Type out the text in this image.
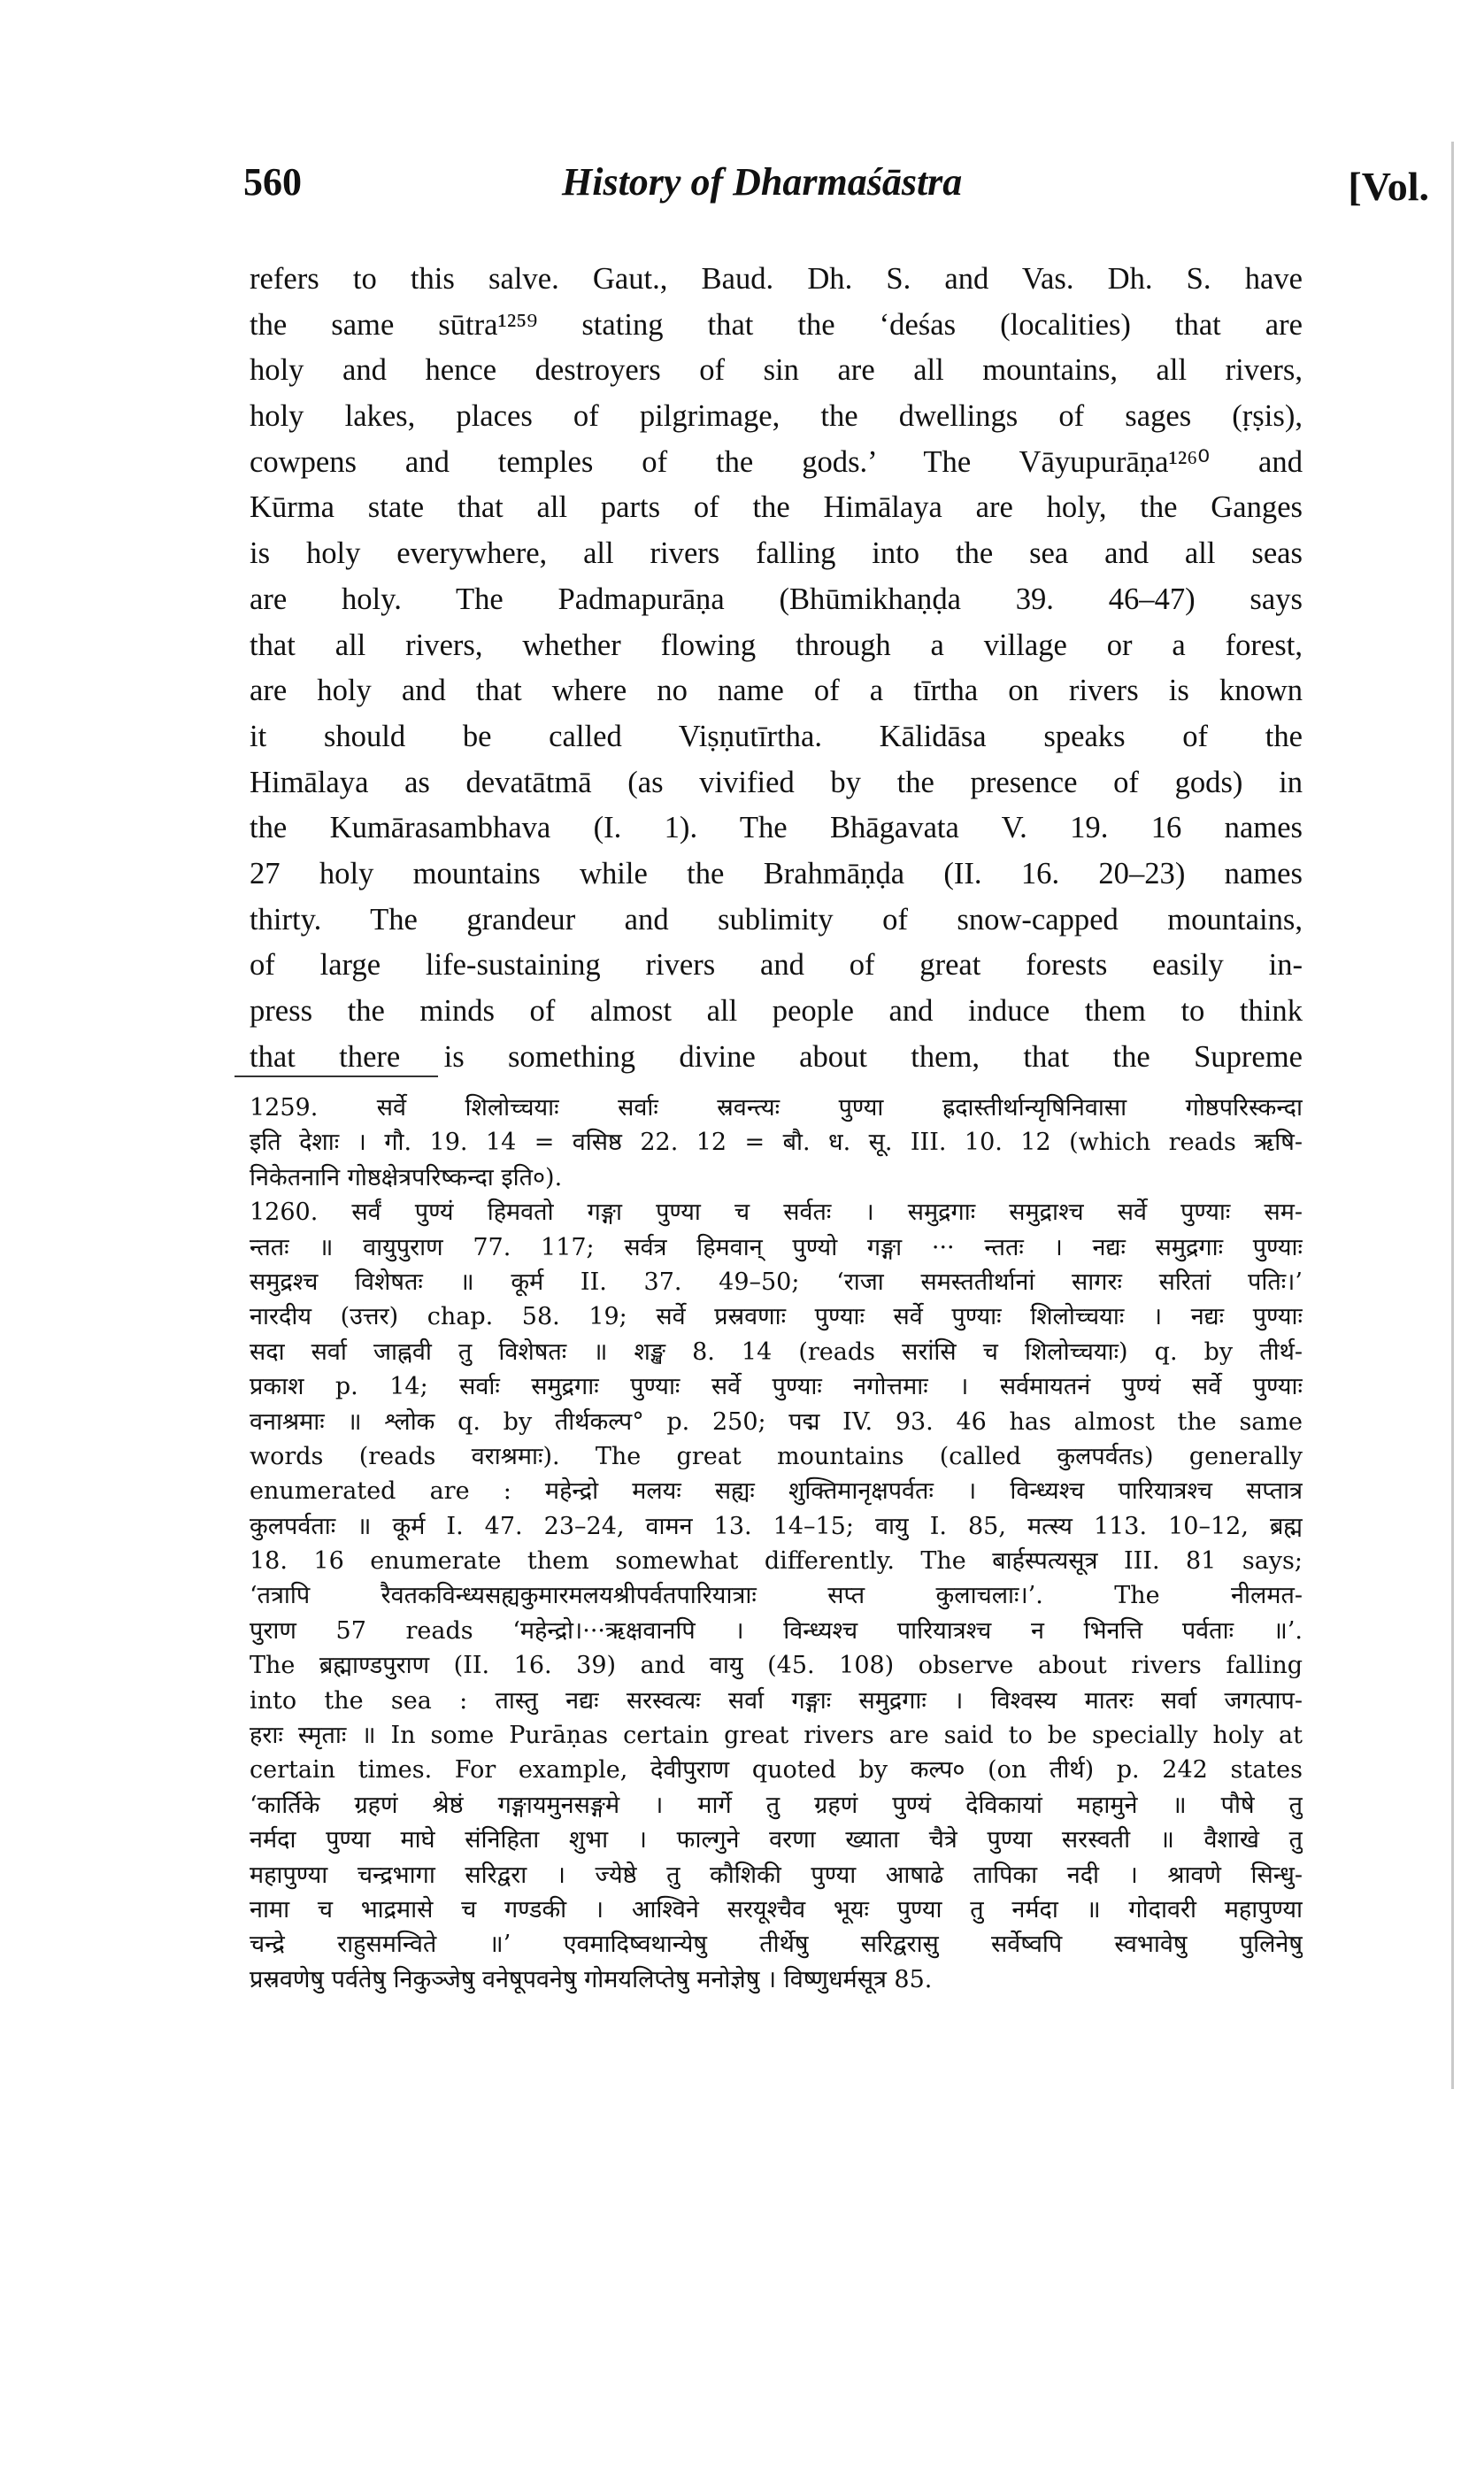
560	History of Dharmaśāstra	[Vol.
refers to this salve. Gaut., Baud. Dh. S. and Vas. Dh. S. have
the same sūtra¹²⁵⁹ stating that the ‘deśas (localities) that are
holy and hence destroyers of sin are all mountains, all rivers,
holy lakes, places of pilgrimage, the dwellings of sages (ṛṣis),
cowpens and temples of the gods.’ The Vāyupurāṇa¹²⁶⁰ and
Kūrma state that all parts of the Himālaya are holy, the Ganges
is holy everywhere, all rivers falling into the sea and all seas
are holy. The Padmapurāṇa (Bhūmikhaṇḍa 39. 46–47) says
that all rivers, whether flowing through a village or a forest,
are holy and that where no name of a tīrtha on rivers is known
it should be called Viṣṇutīrtha. Kālidāsa speaks of the
Himālaya as devatātmā (as vivified by the presence of gods) in
the Kumārasambhava (I. 1). The Bhāgavata V. 19. 16 names
27 holy mountains while the Brahmāṇḍa (II. 16. 20–23) names
thirty. The grandeur and sublimity of snow-capped mountains,
of large life-sustaining rivers and of great forests easily in-
press the minds of almost all people and induce them to think
that there is something divine about them, that the Supreme
1259. सर्वे शिलोच्चयाः सर्वाः स्रवन्त्यः पुण्या ह्रदास्तीर्थान्यृषिनिवासा गोष्ठपरिस्कन्दा
इति देशाः । गौ. 19. 14 = वसिष्ठ 22. 12 = बौ. ध. सू. III. 10. 12 (which reads ऋषि-
निकेतनानि गोष्ठक्षेत्रपरिष्कन्दा इति०).
1260. सर्वं पुण्यं हिमवतो गङ्गा पुण्या च सर्वतः । समुद्रगाः समुद्राश्च सर्वे पुण्याः सम-
न्ततः ॥ वायुपुराण 77. 117; सर्वत्र हिमवान् पुण्यो गङ्गा ··· न्ततः । नद्यः समुद्रगाः पुण्याः
समुद्रश्च विशेषतः ॥ कूर्म II. 37. 49–50; ‘राजा समस्ततीर्थानां सागरः सरितां पतिः।’
नारदीय (उत्तर) chap. 58. 19; सर्वे प्रस्रवणाः पुण्याः सर्वे पुण्याः शिलोच्चयाः । नद्यः पुण्याः
सदा सर्वा जाह्नवी तु विशेषतः ॥ शङ्ख 8. 14 (reads सरांसि च शिलोच्चयाः) q. by तीर्थ-
प्रकाश p. 14; सर्वाः समुद्रगाः पुण्याः सर्वे पुण्याः नगोत्तमाः । सर्वमायतनं पुण्यं सर्वे पुण्याः
वनाश्रमाः ॥ श्लोक q. by तीर्थकल्प° p. 250; पद्म IV. 93. 46 has almost the same
words (reads वराश्रमाः). The great mountains (called कुलपर्वतs) generally
enumerated are : महेन्द्रो मलयः सह्यः शुक्तिमानृक्षपर्वतः । विन्ध्यश्च पारियात्रश्च सप्तात्र
कुलपर्वताः ॥ कूर्म I. 47. 23–24, वामन 13. 14–15; वायु I. 85, मत्स्य 113. 10–12, ब्रह्म
18. 16 enumerate them somewhat differently. The बार्हस्पत्यसूत्र III. 81 says;
‘तत्रापि रैवतकविन्ध्यसह्यकुमारमलयश्रीपर्वतपारियात्राः सप्त कुलाचलाः।’. The नीलमत-
पुराण 57 reads ‘महेन्द्रो।···ऋक्षवानपि । विन्ध्यश्च पारियात्रश्च न भिनत्ति पर्वताः ॥’.
The ब्रह्माण्डपुराण (II. 16. 39) and वायु (45. 108) observe about rivers falling
into the sea : तास्तु नद्यः सरस्वत्यः सर्वा गङ्गाः समुद्रगाः । विश्वस्य मातरः सर्वा जगत्पाप-
हराः स्मृताः ॥ In some Purāṇas certain great rivers are said to be specially holy at
certain times. For example, देवीपुराण quoted by कल्प० (on तीर्थ) p. 242 states
‘कार्तिके ग्रहणं श्रेष्ठं गङ्गायमुनसङ्गमे । मार्गे तु ग्रहणं पुण्यं देविकायां महामुने ॥ पौषे तु
नर्मदा पुण्या माघे संनिहिता शुभा । फाल्गुने वरणा ख्याता चैत्रे पुण्या सरस्वती ॥ वैशाखे तु
महापुण्या चन्द्रभागा सरिद्वरा । ज्येष्ठे तु कौशिकी पुण्या आषाढे तापिका नदी । श्रावणे सिन्धु-
नामा च भाद्रमासे च गण्डकी । आश्विने सरयूश्चैव भूयः पुण्या तु नर्मदा ॥ गोदावरी महापुण्या
चन्द्रे राहुसमन्विते ॥’ एवमादिष्वथान्येषु तीर्थेषु सरिद्वरासु सर्वेष्वपि स्वभावेषु पुलिनेषु
प्रस्रवणेषु पर्वतेषु निकुञ्जेषु वनेषूपवनेषु गोमयलिप्तेषु मनोज्ञेषु । विष्णुधर्मसूत्र 85.
